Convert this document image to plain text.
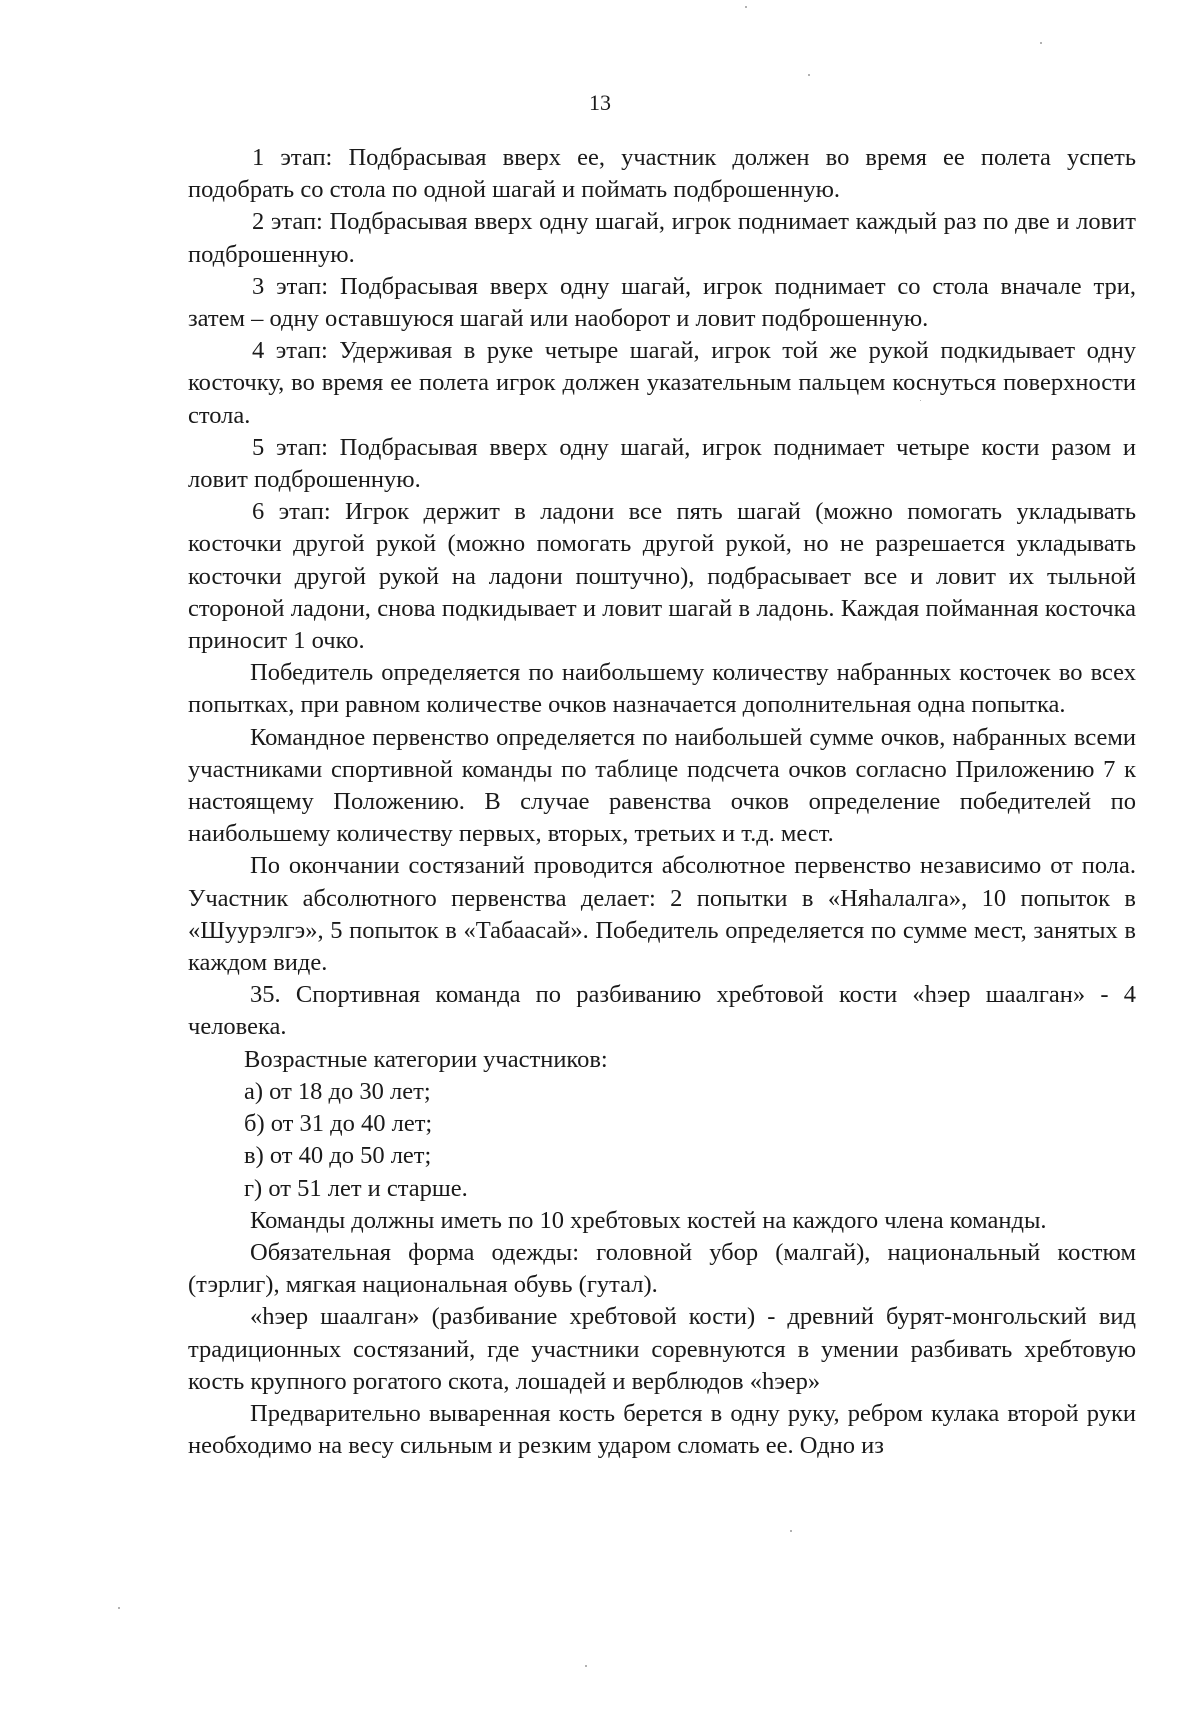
13

1 этап: Подбрасывая вверх ее, участник должен во время ее полета успеть подобрать со стола по одной шагай и поймать подброшенную.

2 этап: Подбрасывая вверх одну шагай, игрок поднимает каждый раз по две и ловит подброшенную.

3 этап: Подбрасывая вверх одну шагай, игрок поднимает со стола вначале три, затем – одну оставшуюся шагай или наоборот и ловит подброшенную.

4 этап: Удерживая в руке четыре шагай, игрок той же рукой подкидывает одну косточку, во время ее полета игрок должен указательным пальцем коснуться поверхности стола.

5 этап: Подбрасывая вверх одну шагай, игрок поднимает четыре кости разом и ловит подброшенную.

6 этап: Игрок держит в ладони все пять шагай (можно помогать укладывать косточки другой рукой (можно помогать другой рукой, но не разрешается укладывать косточки другой рукой на ладони поштучно), подбрасывает все и ловит их тыльной стороной ладони, снова подкидывает и ловит шагай в ладонь. Каждая пойманная косточка приносит 1 очко.

Победитель определяется по наибольшему количеству набранных косточек во всех попытках, при равном количестве очков назначается дополнительная одна попытка.

Командное первенство определяется по наибольшей сумме очков, набранных всеми участниками спортивной команды по таблице подсчета очков согласно Приложению 7 к настоящему Положению. В случае равенства очков определение победителей по наибольшему количеству первых, вторых, третьих и т.д. мест.

По окончании состязаний проводится абсолютное первенство независимо от пола. Участник абсолютного первенства делает: 2 попытки в «Няhалалга», 10 попыток в «Шуурэлгэ», 5 попыток в «Табаасай». Победитель определяется по сумме мест, занятых в каждом виде.

35. Спортивная команда по разбиванию хребтовой кости «hэер шаалган» - 4 человека.

Возрастные категории участников:

а) от 18 до 30 лет;

б) от 31 до 40 лет;

в) от 40 до 50 лет;

г) от 51 лет и старше.

Команды должны иметь по 10 хребтовых костей на каждого члена команды.

Обязательная форма одежды: головной убор (малгай), национальный костюм (тэрлиг), мягкая национальная обувь (гутал).

«hэер шаалган» (разбивание хребтовой кости) - древний бурят-монгольский вид традиционных состязаний, где участники соревнуются в умении разбивать хребтовую кость крупного рогатого скота, лошадей и верблюдов «hэер»

Предварительно вываренная кость берется в одну руку, ребром кулака второй руки необходимо на весу сильным и резким ударом сломать ее. Одно из
